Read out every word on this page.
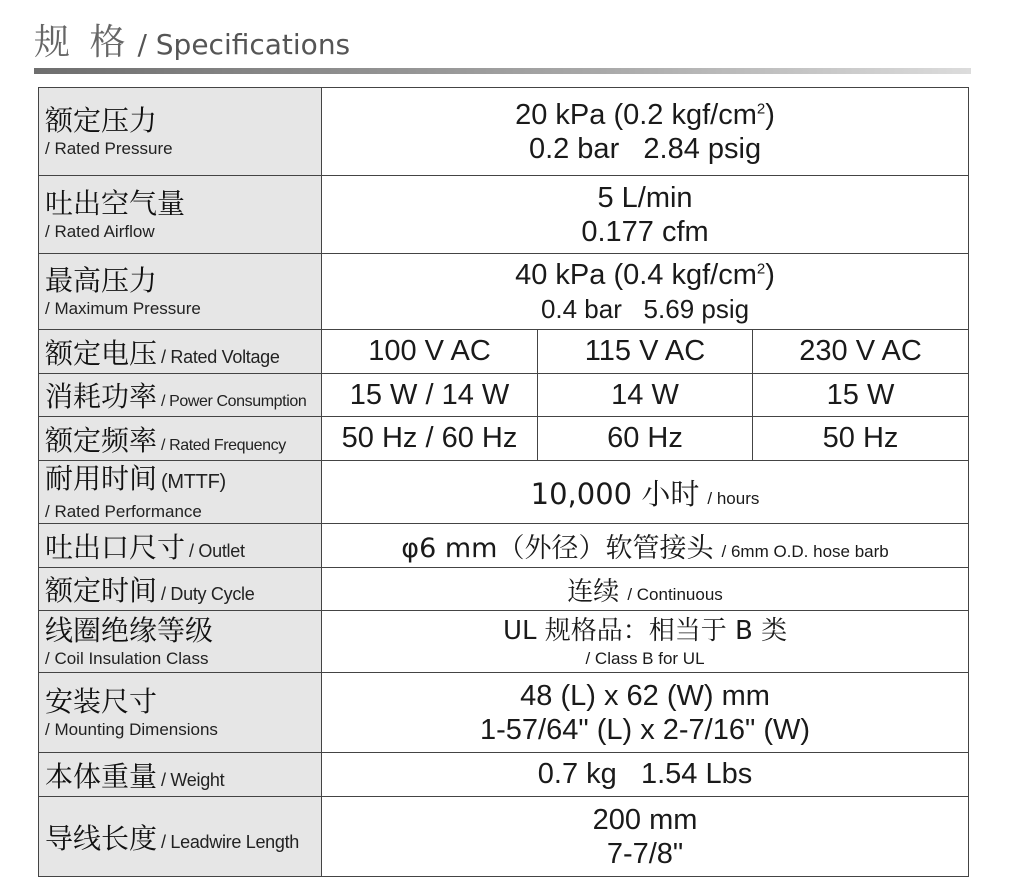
规 格 / Specifications
额定压力
/ Rated Pressure	20 kPa (0.2 kgf/$cm^2$)
0.2 bar   2.84 psig		

吐出空气量
/ Rated Airflow	5 L/min
0.177 cfm		

最高压力
/ Maximum Pressure	40 kPa (0.4 kgf/$cm^2$)
0.4 bar   5.69 psig		

额定电压 / Rated Voltage	100 V AC	115 V AC	230 V AC
消耗功率 / Power Consumption	15 W / 14 W	14 W	15 W
额定频率 / Rated Frequency	50 Hz / 60 Hz	60 Hz	50 Hz

耐用时间 (MTTF)
/ Rated Performance	10,000 小时 / hours		
吐出口尺寸 / Outlet	φ6 mm（外径）软管接头 / 6mm O.D. hose barb		
额定时间 / Duty Cycle	连续 / Continuous		

线圈绝缘等级
/ Coil Insulation Class	UL 规格品：相当于 B 类
/ Class B for UL		

安装尺寸
/ Mounting Dimensions	48 (L) x 62 (W) mm
1-57/64" (L) x 2-7/16" (W)		

本体重量 / Weight	0.7 kg   1.54 Lbs		
导线长度 / Leadwire Length	200 mm
7-7/8"		
